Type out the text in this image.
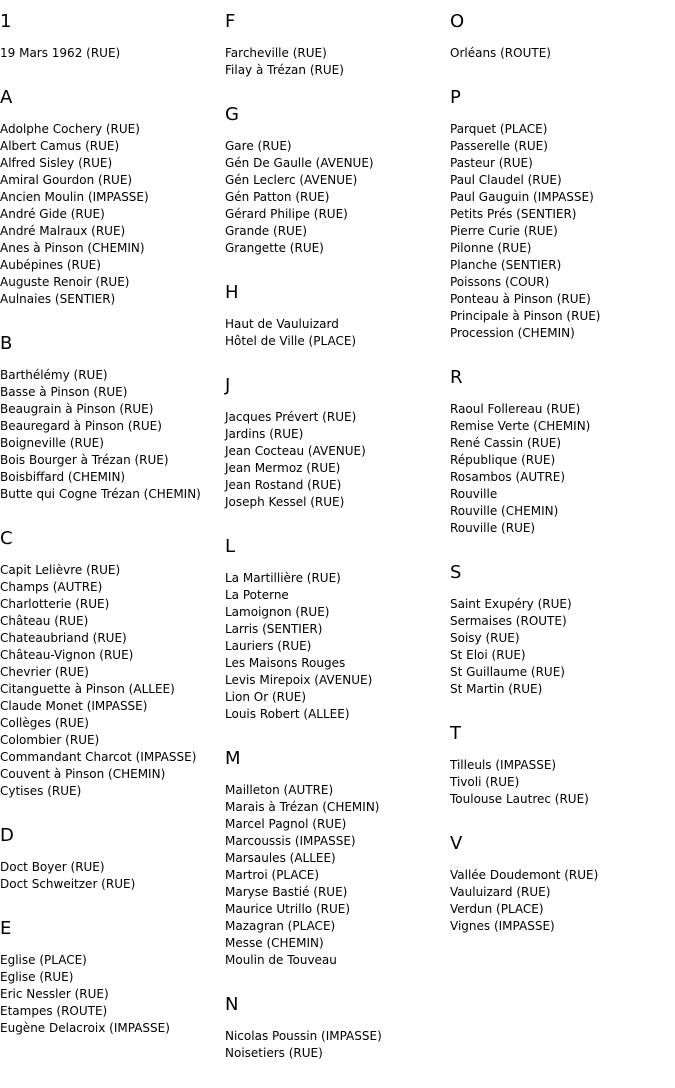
1
19 Mars 1962 (RUE)
A
Adolphe Cochery (RUE)
Albert Camus (RUE)
Alfred Sisley (RUE)
Amiral Gourdon (RUE)
Ancien Moulin (IMPASSE)
André Gide (RUE)
André Malraux (RUE)
Anes à Pinson (CHEMIN)
Aubépines (RUE)
Auguste Renoir (RUE)
Aulnaies (SENTIER)
B
Barthélémy (RUE)
Basse à Pinson (RUE)
Beaugrain à Pinson (RUE)
Beauregard à Pinson (RUE)
Boigneville (RUE)
Bois Bourger à Trézan (RUE)
Boisbiffard (CHEMIN)
Butte qui Cogne Trézan (CHEMIN)
C
Capit Lelièvre (RUE)
Champs (AUTRE)
Charlotterie (RUE)
Château (RUE)
Chateaubriand (RUE)
Château-Vignon (RUE)
Chevrier (RUE)
Citanguette à Pinson (ALLEE)
Claude Monet (IMPASSE)
Collèges (RUE)
Colombier (RUE)
Commandant Charcot (IMPASSE)
Couvent à Pinson (CHEMIN)
Cytises (RUE)
D
Doct Boyer (RUE)
Doct Schweitzer (RUE)
E
Eglise (PLACE)
Eglise (RUE)
Eric Nessler (RUE)
Etampes (ROUTE)
Eugène Delacroix (IMPASSE)
F
Farcheville (RUE)
Filay à Trézan (RUE)
G
Gare (RUE)
Gén De Gaulle (AVENUE)
Gén Leclerc (AVENUE)
Gén Patton (RUE)
Gérard Philipe (RUE)
Grande (RUE)
Grangette (RUE)
H
Haut de Vauluizard
Hôtel de Ville (PLACE)
J
Jacques Prévert (RUE)
Jardins (RUE)
Jean Cocteau (AVENUE)
Jean Mermoz (RUE)
Jean Rostand (RUE)
Joseph Kessel (RUE)
L
La Martillière (RUE)
La Poterne
Lamoignon (RUE)
Larris (SENTIER)
Lauriers (RUE)
Les Maisons Rouges
Levis Mirepoix (AVENUE)
Lion Or (RUE)
Louis Robert (ALLEE)
M
Mailleton (AUTRE)
Marais à Trézan (CHEMIN)
Marcel Pagnol (RUE)
Marcoussis (IMPASSE)
Marsaules (ALLEE)
Martroi (PLACE)
Maryse Bastié (RUE)
Maurice Utrillo (RUE)
Mazagran (PLACE)
Messe (CHEMIN)
Moulin de Touveau
N
Nicolas Poussin (IMPASSE)
Noisetiers (RUE)
O
Orléans (ROUTE)
P
Parquet (PLACE)
Passerelle (RUE)
Pasteur (RUE)
Paul Claudel (RUE)
Paul Gauguin (IMPASSE)
Petits Prés (SENTIER)
Pierre Curie (RUE)
Pilonne (RUE)
Planche (SENTIER)
Poissons (COUR)
Ponteau à Pinson (RUE)
Principale à Pinson (RUE)
Procession (CHEMIN)
R
Raoul Follereau (RUE)
Remise Verte (CHEMIN)
René Cassin (RUE)
République (RUE)
Rosambos (AUTRE)
Rouville
Rouville (CHEMIN)
Rouville (RUE)
S
Saint Exupéry (RUE)
Sermaises (ROUTE)
Soisy (RUE)
St Eloi (RUE)
St Guillaume (RUE)
St Martin (RUE)
T
Tilleuls (IMPASSE)
Tivoli (RUE)
Toulouse Lautrec (RUE)
V
Vallée Doudemont (RUE)
Vauluizard (RUE)
Verdun (PLACE)
Vignes (IMPASSE)
